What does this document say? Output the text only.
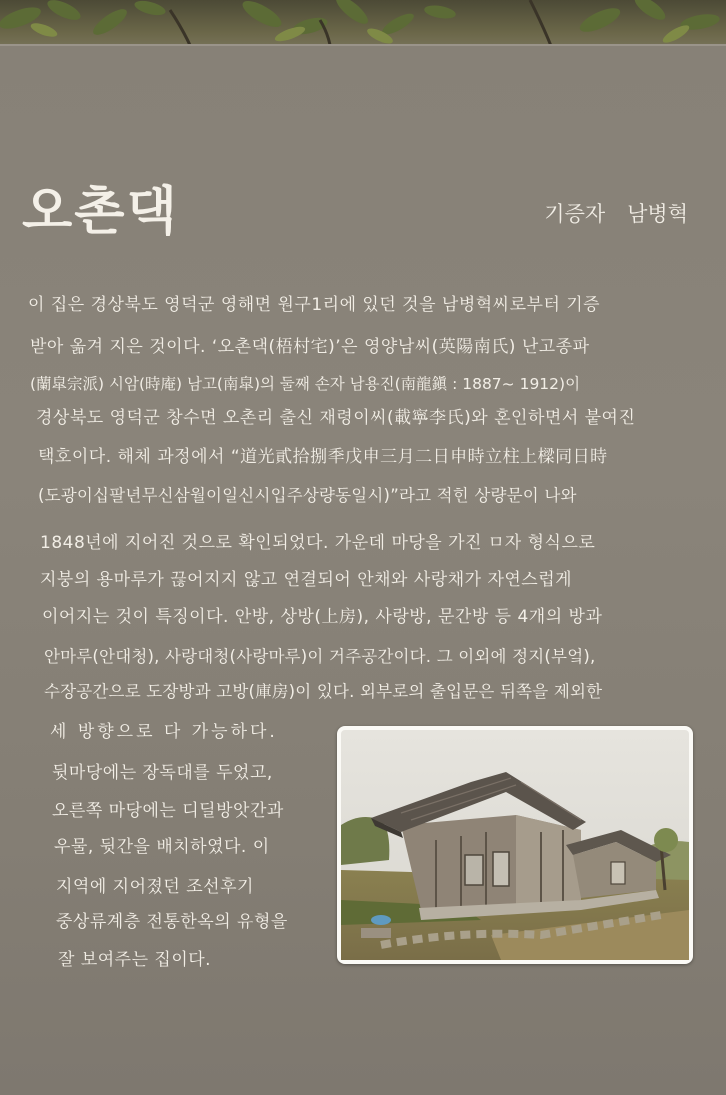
오촌댁	기증자 남병혁

이 집은 경상북도 영덕군 영해면 원구1리에 있던 것을 남병혁씨로부터 기증

받아 옮겨 지은 것이다. ‘오촌댁(梧村宅)’은 영양남씨(英陽南氏) 난고종파

(蘭皐宗派) 시암(時庵) 남고(南皐)의 둘째 손자 남용진(南龍鎭 : 1887~ 1912)이

경상북도 영덕군 창수면 오촌리 출신 재령이씨(載寧李氏)와 혼인하면서 붙여진

택호이다. 해체 과정에서 “道光貳拾捌秊戊申三月二日申時立柱上樑同日時

(도광이십팔년무신삼월이일신시입주상량동일시)”라고 적힌 상량문이 나와

1848년에 지어진 것으로 확인되었다. 가운데 마당을 가진 ㅁ자 형식으로

지붕의 용마루가 끊어지지 않고 연결되어 안채와 사랑채가 자연스럽게

이어지는 것이 특징이다. 안방, 상방(上房), 사랑방, 문간방 등 4개의 방과

안마루(안대청), 사랑대청(사랑마루)이 거주공간이다. 그 이외에 정지(부엌),

수장공간으로 도장방과 고방(庫房)이 있다. 외부로의 출입문은 뒤쪽을 제외한

세 방향으로 다 가능하다.

뒷마당에는 장독대를 두었고,

오른쪽 마당에는 디딜방앗간과

우물, 뒷간을 배치하였다. 이

지역에 지어졌던 조선후기

중상류계층 전통한옥의 유형을

잘 보여주는 집이다.
